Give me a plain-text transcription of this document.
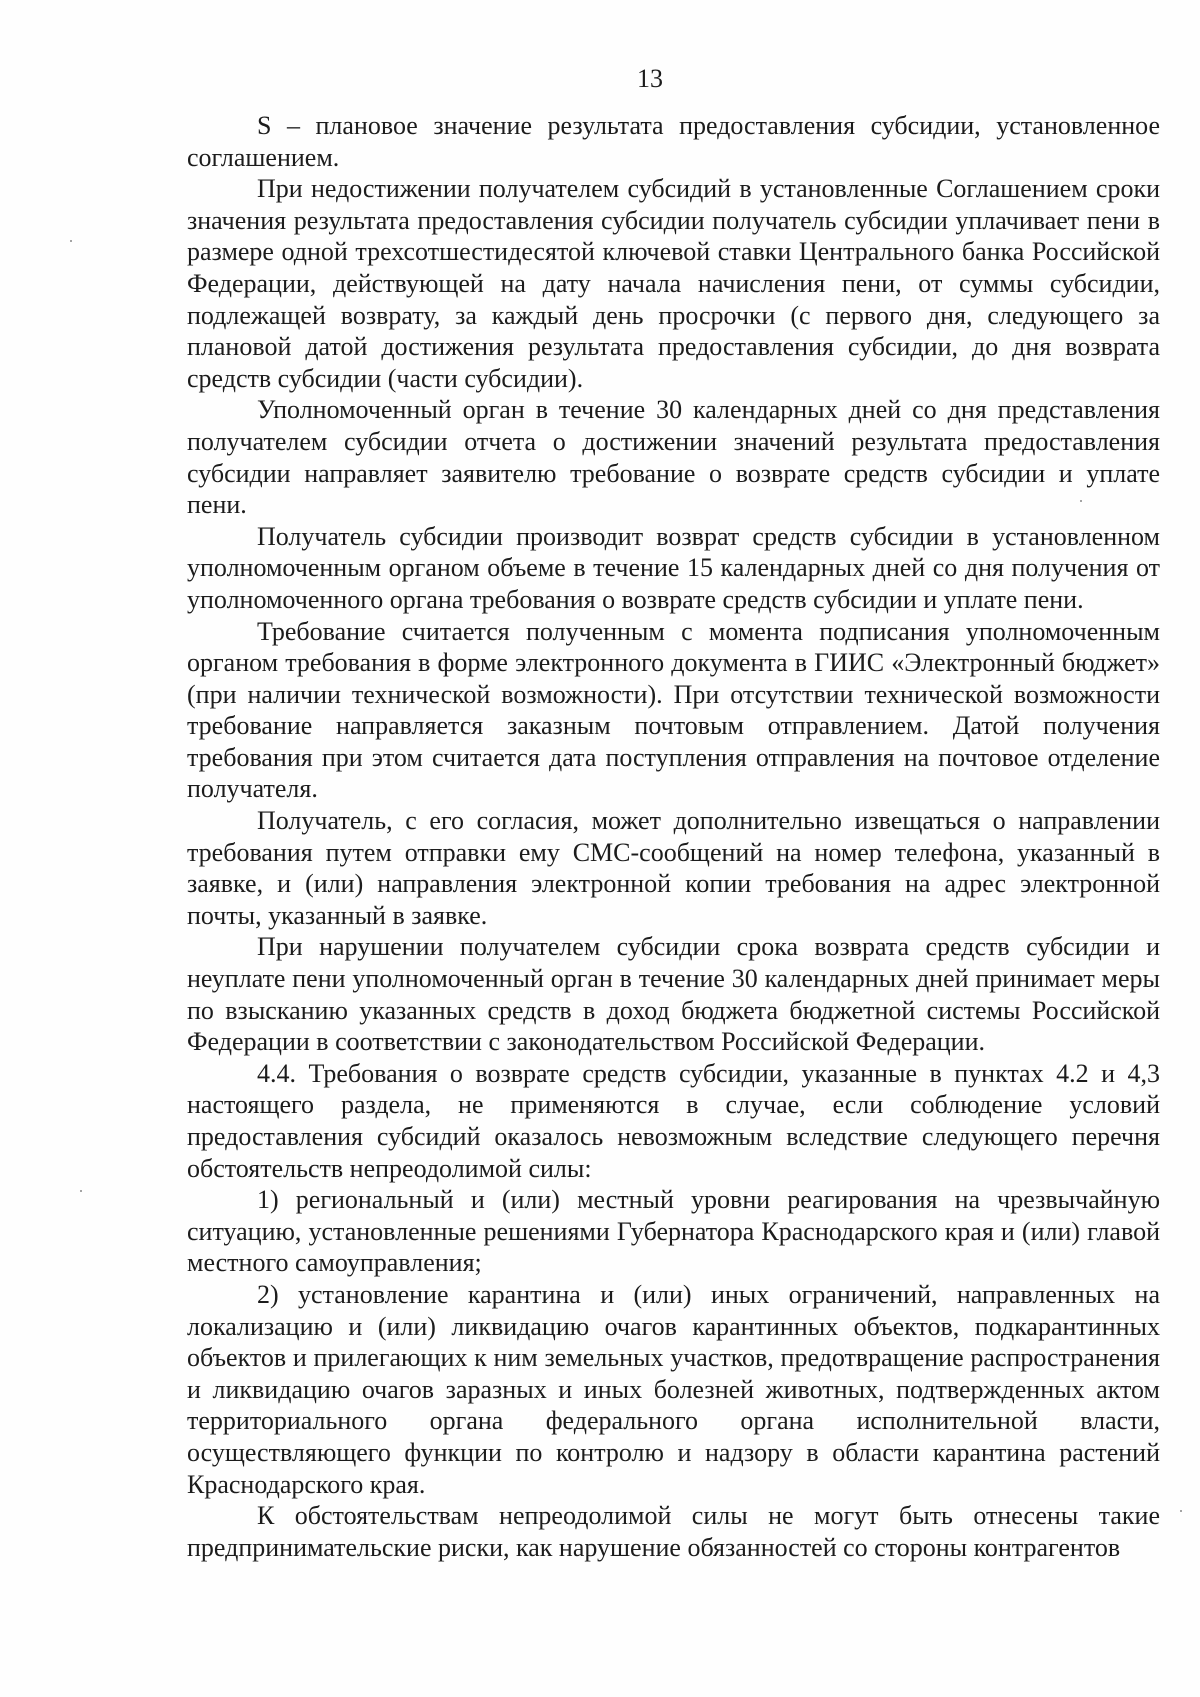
13

S – плановое значение результата предоставления субсидии, установленное соглашением.

При недостижении получателем субсидий в установленные Соглашением сроки значения результата предоставления субсидии получатель субсидии уплачивает пени в размере одной трехсотшестидесятой ключевой ставки Центрального банка Российской Федерации, действующей на дату начала начисления пени, от суммы субсидии, подлежащей возврату, за каждый день просрочки (с первого дня, следующего за плановой датой достижения результата предоставления субсидии, до дня возврата средств субсидии (части субсидии).

Уполномоченный орган в течение 30 календарных дней со дня представления получателем субсидии отчета о достижении значений результата предоставления субсидии направляет заявителю требование о возврате средств субсидии и уплате пени.

Получатель субсидии производит возврат средств субсидии в установленном уполномоченным органом объеме в течение 15 календарных дней со дня получения от уполномоченного органа требования о возврате средств субсидии и уплате пени.

Требование считается полученным с момента подписания уполномоченным органом требования в форме электронного документа в ГИИС «Электронный бюджет» (при наличии технической возможности). При отсутствии технической возможности требование направляется заказным почтовым отправлением. Датой получения требования при этом считается дата поступления отправления на почтовое отделение получателя.

Получатель, с его согласия, может дополнительно извещаться о направлении требования путем отправки ему СМС-сообщений на номер телефона, указанный в заявке, и (или) направления электронной копии требования на адрес электронной почты, указанный в заявке.

При нарушении получателем субсидии срока возврата средств субсидии и неуплате пени уполномоченный орган в течение 30 календарных дней принимает меры по взысканию указанных средств в доход бюджета бюджетной системы Российской Федерации в соответствии с законодательством Российской Федерации.

4.4. Требования о возврате средств субсидии, указанные в пунктах 4.2 и 4,3 настоящего раздела, не применяются в случае, если соблюдение условий предоставления субсидий оказалось невозможным вследствие следующего перечня обстоятельств непреодолимой силы:

1) региональный и (или) местный уровни реагирования на чрезвычайную ситуацию, установленные решениями Губернатора Краснодарского края и (или) главой местного самоуправления;

2) установление карантина и (или) иных ограничений, направленных на локализацию и (или) ликвидацию очагов карантинных объектов, подкарантинных объектов и прилегающих к ним земельных участков, предотвращение распространения и ликвидацию очагов заразных и иных болезней животных, подтвержденных актом территориального органа федерального органа исполнительной власти, осуществляющего функции по контролю и надзору в области карантина растений Краснодарского края.

К обстоятельствам непреодолимой силы не могут быть отнесены такие предпринимательские риски, как нарушение обязанностей со стороны контрагентов
